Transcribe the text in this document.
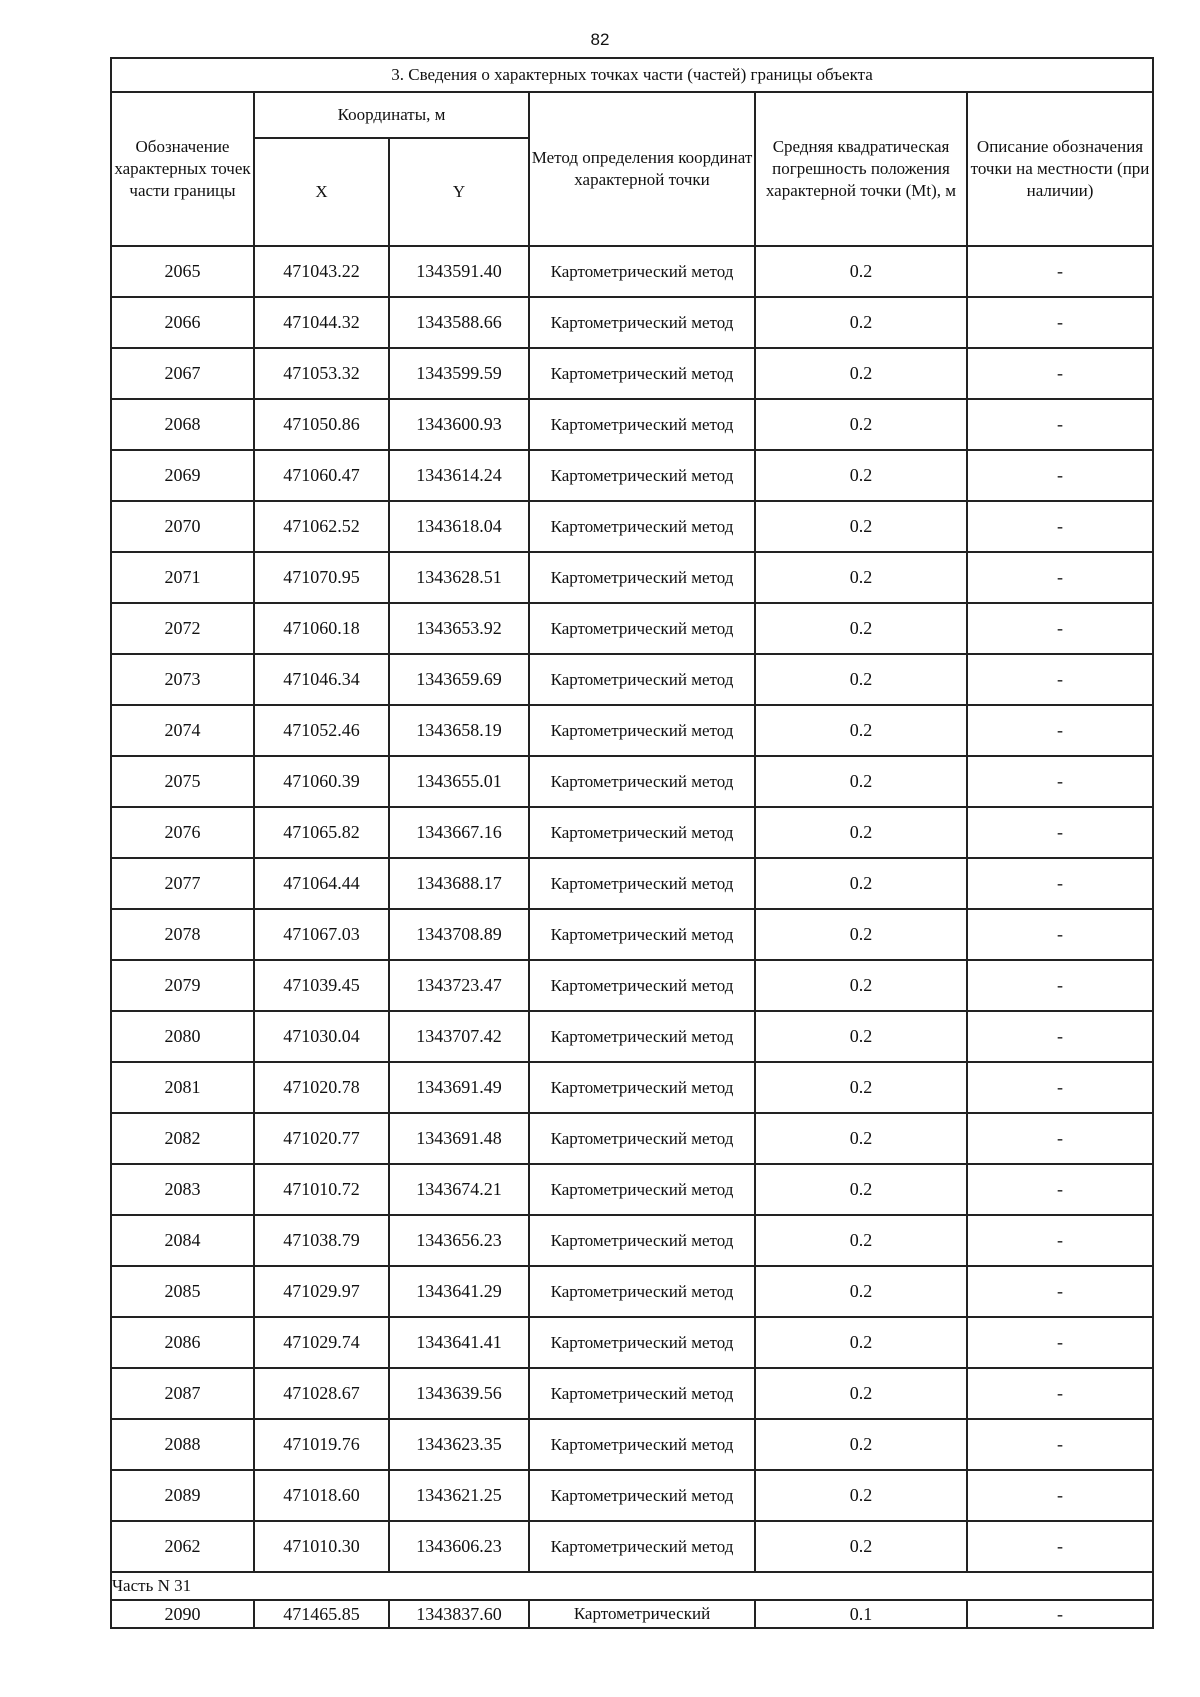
82
3. Сведения о характерных точках части (частей) границы объекта					
Обозначение характерных точек части границы	Координаты, м		Метод определения координат характерной точки	Средняя квадратическая погрешность положения характерной точки (Mt), м	Описание обозначения точки на местности (при наличии)
	X	Y			
2065	471043.22	1343591.40	Картометрический метод	0.2	-
2066	471044.32	1343588.66	Картометрический метод	0.2	-
2067	471053.32	1343599.59	Картометрический метод	0.2	-
2068	471050.86	1343600.93	Картометрический метод	0.2	-
2069	471060.47	1343614.24	Картометрический метод	0.2	-
2070	471062.52	1343618.04	Картометрический метод	0.2	-
2071	471070.95	1343628.51	Картометрический метод	0.2	-
2072	471060.18	1343653.92	Картометрический метод	0.2	-
2073	471046.34	1343659.69	Картометрический метод	0.2	-
2074	471052.46	1343658.19	Картометрический метод	0.2	-
2075	471060.39	1343655.01	Картометрический метод	0.2	-
2076	471065.82	1343667.16	Картометрический метод	0.2	-
2077	471064.44	1343688.17	Картометрический метод	0.2	-
2078	471067.03	1343708.89	Картометрический метод	0.2	-
2079	471039.45	1343723.47	Картометрический метод	0.2	-
2080	471030.04	1343707.42	Картометрический метод	0.2	-
2081	471020.78	1343691.49	Картометрический метод	0.2	-
2082	471020.77	1343691.48	Картометрический метод	0.2	-
2083	471010.72	1343674.21	Картометрический метод	0.2	-
2084	471038.79	1343656.23	Картометрический метод	0.2	-
2085	471029.97	1343641.29	Картометрический метод	0.2	-
2086	471029.74	1343641.41	Картометрический метод	0.2	-
2087	471028.67	1343639.56	Картометрический метод	0.2	-
2088	471019.76	1343623.35	Картометрический метод	0.2	-
2089	471018.60	1343621.25	Картометрический метод	0.2	-
2062	471010.30	1343606.23	Картометрический метод	0.2	-
Часть N 31					
2090	471465.85	1343837.60	Картометрический	0.1	-
